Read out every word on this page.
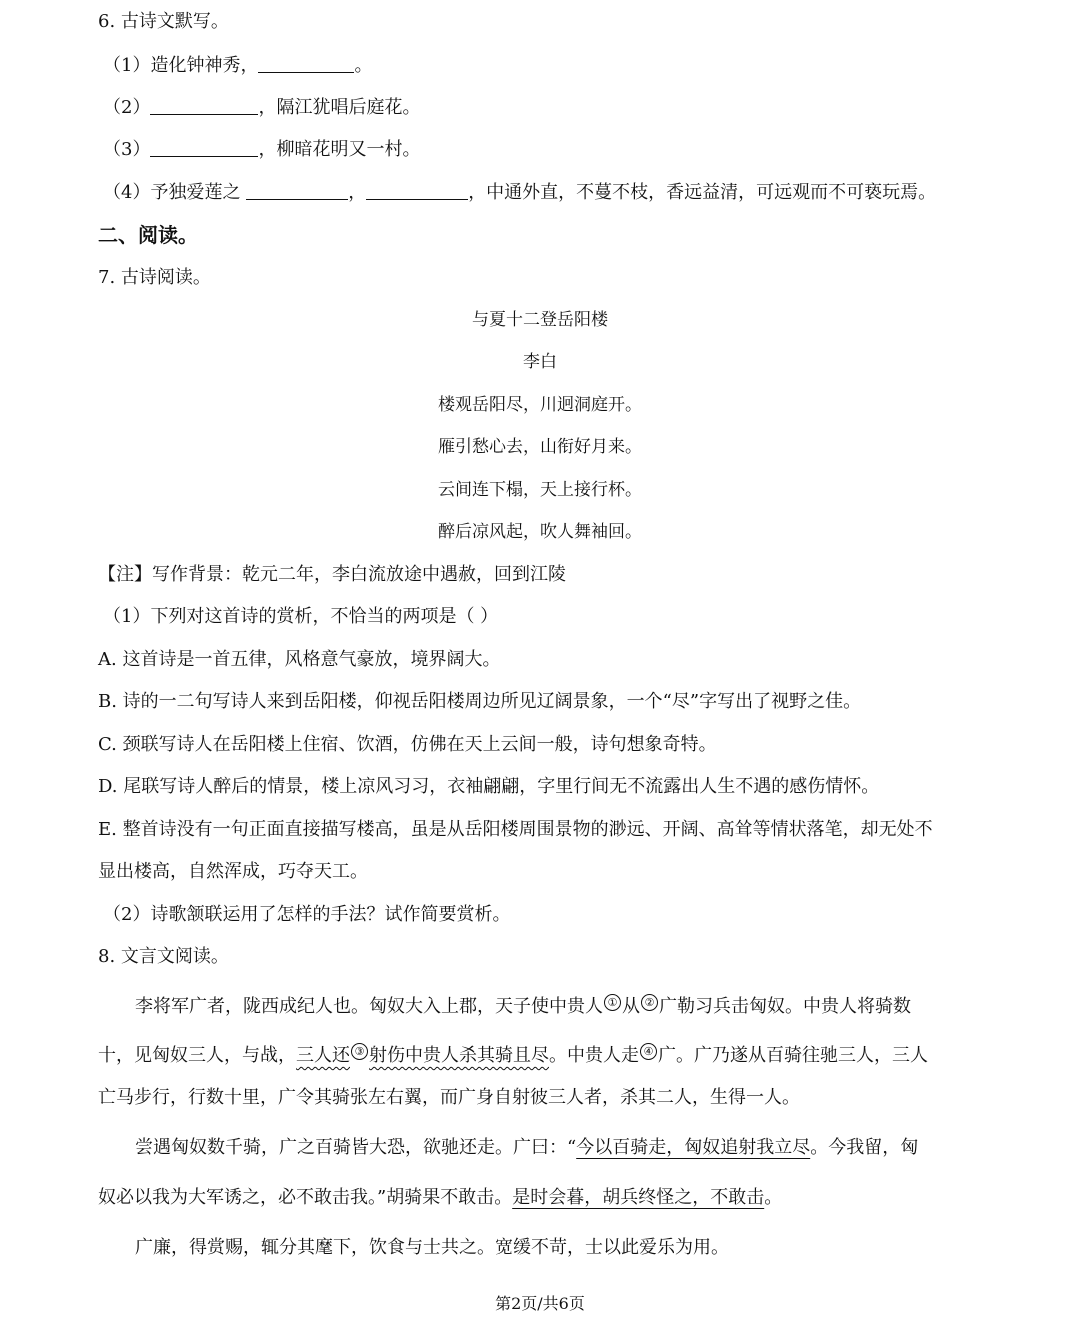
6. 古诗文默写。
（1）造化钟神秀，	。
（2）	，隔江犹唱后庭花。
（3）	，柳暗花明又一村。
（4）予独爱莲之	，	，中通外直，不蔓不枝，香远益清，可远观而不可亵玩焉。
二、阅读。
7. 古诗阅读。
与夏十二登岳阳楼
李白
楼观岳阳尽，川迥洞庭开。
雁引愁心去，山衔好月来。
云间连下榻，天上接行杯。
醉后凉风起，吹人舞袖回。
【注】写作背景：乾元二年，李白流放途中遇赦，回到江陵
（1）下列对这首诗的赏析，不恰当的两项是（ ）
A. 这首诗是一首五律，风格意气豪放，境界阔大。
B. 诗的一二句写诗人来到岳阳楼，仰视岳阳楼周边所见辽阔景象，一个“尽”字写出了视野之佳。
C. 颈联写诗人在岳阳楼上住宿、饮酒，仿佛在天上云间一般，诗句想象奇特。
D. 尾联写诗人醉后的情景，楼上凉风习习，衣袖翩翩，字里行间无不流露出人生不遇的感伤情怀。
E. 整首诗没有一句正面直接描写楼高，虽是从岳阳楼周围景物的渺远、开阔、高耸等情状落笔，却无处不
显出楼高，自然浑成，巧夺天工。
（2）诗歌颔联运用了怎样的手法？试作简要赏析。
8. 文言文阅读。
李将军广者，陇西成纪人也。匈奴大入上郡，天子使中贵人 ① 从 ② 广勒习兵击匈奴。中贵人将骑数
十，见匈奴三人，与战，三人还 ③ 射伤中贵人杀其骑且尽。中贵人走 ④ 广。广乃遂从百骑往驰三人，三人
亡马步行，行数十里，广令其骑张左右翼，而广身自射彼三人者，杀其二人，生得一人。
尝遇匈奴数千骑，广之百骑皆大恐，欲驰还走。广曰：“今以百骑走，匈奴追射我立尽。今我留，匈
奴必以我为大军诱之，必不敢击我。”胡骑果不敢击。是时会暮，胡兵终怪之，不敢击。
广廉，得赏赐，辄分其麾下，饮食与士共之。宽缓不苛，士以此爱乐为用。
第2页/共6页
